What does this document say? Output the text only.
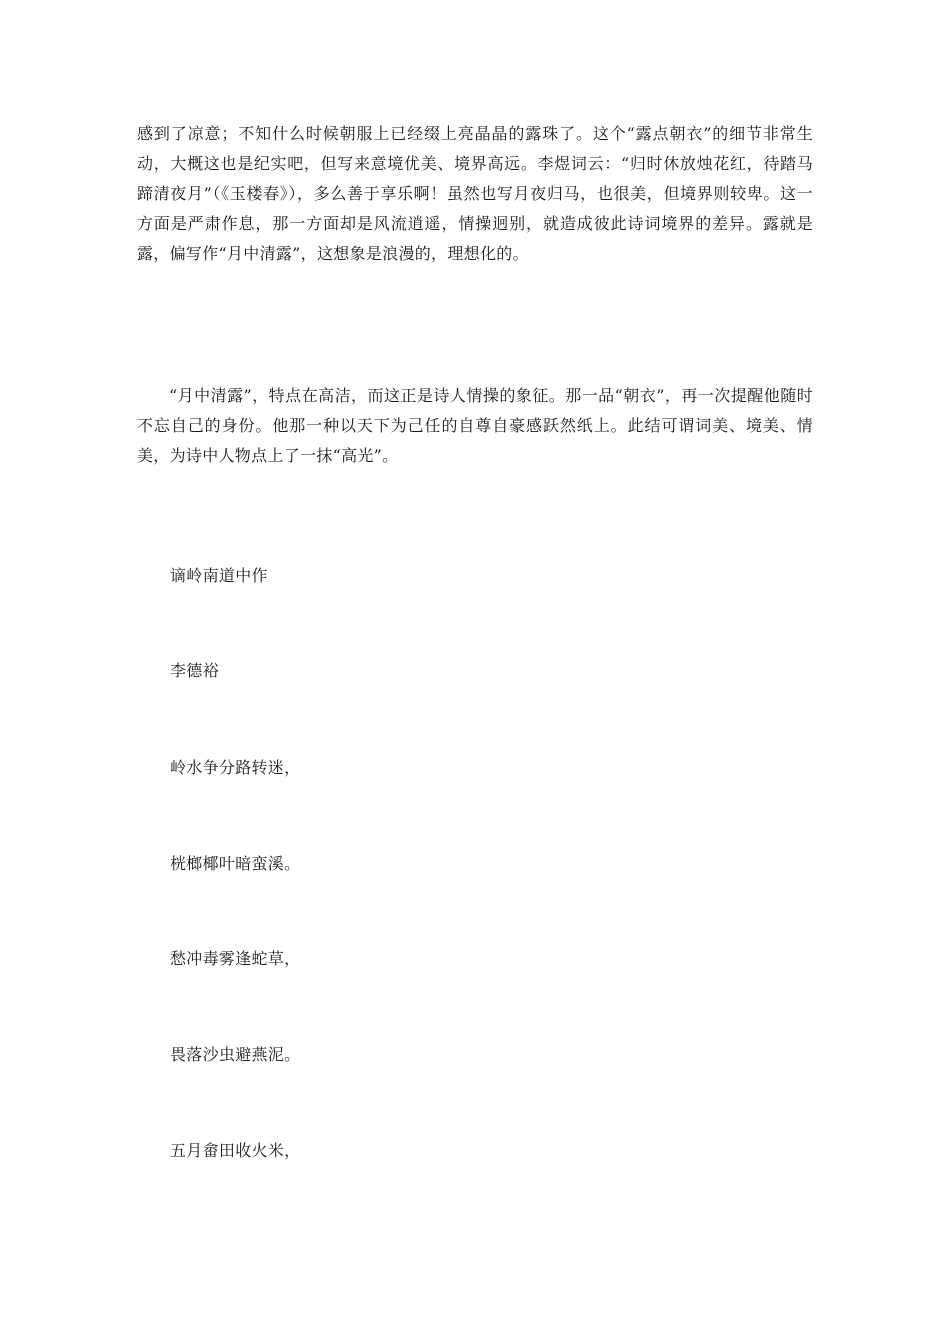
感到了凉意；不知什么时候朝服上已经缀上亮晶晶的露珠了。这个“露点朝衣”的细节非常生动，大概这也是纪实吧，但写来意境优美、境界高远。李煜词云：“归时休放烛花红，待踏马蹄清夜月”（《玉楼春》），多么善于享乐啊！虽然也写月夜归马，也很美，但境界则较卑。这一方面是严肃作息，那一方面却是风流逍遥，情操迥别，就造成彼此诗词境界的差异。露就是露，偏写作“月中清露”，这想象是浪漫的，理想化的。

“月中清露”，特点在高洁，而这正是诗人情操的象征。那一品“朝衣”，再一次提醒他随时不忘自己的身份。他那一种以天下为己任的自尊自豪感跃然纸上。此结可谓词美、境美、情美，为诗中人物点上了一抹“高光”。

谪岭南道中作

李德裕

岭水争分路转迷，

桄榔椰叶暗蛮溪。

愁冲毒雾逢蛇草，

畏落沙虫避燕泥。

五月畲田收火米，
